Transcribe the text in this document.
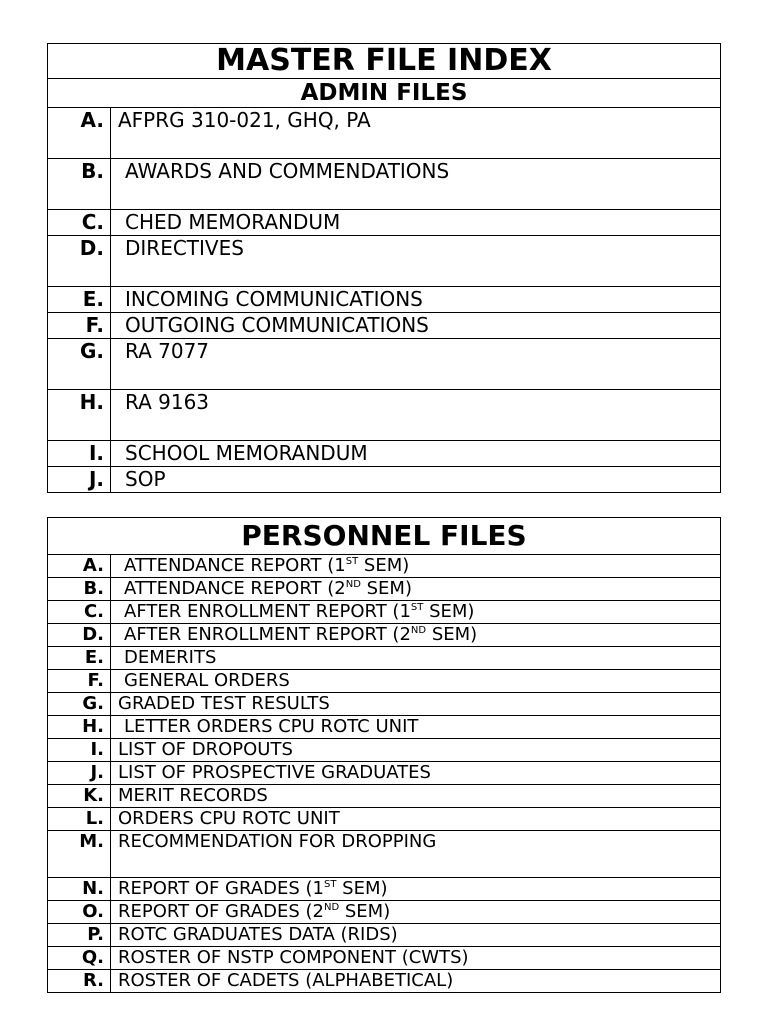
MASTER FILE INDEX	
ADMIN FILES	
A.	AFPRG 310-021, GHQ, PA
B.	AWARDS AND COMMENDATIONS
C.	CHED MEMORANDUM
D.	DIRECTIVES
E.	INCOMING COMMUNICATIONS
F.	OUTGOING COMMUNICATIONS
G.	RA 7077
H.	RA 9163
I.	SCHOOL MEMORANDUM
J.	SOP
PERSONNEL FILES	
A.	ATTENDANCE REPORT (1ST SEM)
B.	ATTENDANCE REPORT (2ND SEM)
C.	AFTER ENROLLMENT REPORT (1ST SEM)
D.	AFTER ENROLLMENT REPORT (2ND SEM)
E.	DEMERITS
F.	GENERAL ORDERS
G.	GRADED TEST RESULTS
H.	LETTER ORDERS CPU ROTC UNIT
I.	LIST OF DROPOUTS
J.	LIST OF PROSPECTIVE GRADUATES
K.	MERIT RECORDS
L.	ORDERS CPU ROTC UNIT
M.	RECOMMENDATION FOR DROPPING
N.	REPORT OF GRADES (1ST SEM)
O.	REPORT OF GRADES (2ND SEM)
P.	ROTC GRADUATES DATA (RIDS)
Q.	ROSTER OF NSTP COMPONENT (CWTS)
R.	ROSTER OF CADETS (ALPHABETICAL)
